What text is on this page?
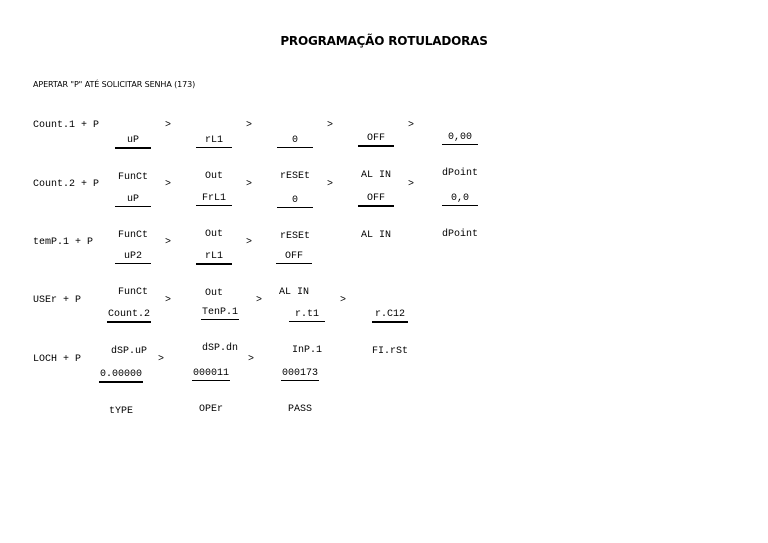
PROGRAMAÇÃO ROTULADORAS
APERTAR "P" ATÉ SOLICITAR SENHA (173)
Count.1 + P

uP

FunCt

>

rL1

Out

>

0

rESEt

>

OFF

AL IN

>

0,00

dPoint

Count.2 + P

uP

FunCt

>

FrL1

Out

>

0

rESEt

>

OFF

AL IN

>

0,0

dPoint

temP.1 + P

uP2

FunCt

>

rL1

Out

>

OFF

AL IN

USEr + P

Count.2

dSP.uP

>

TenP.1

dSP.dn

>

r.t1

InP.1

>

r.C12

FI.rSt

LOCH + P

0.00000

tYPE

>

000011

OPEr

>

000173

PASS
